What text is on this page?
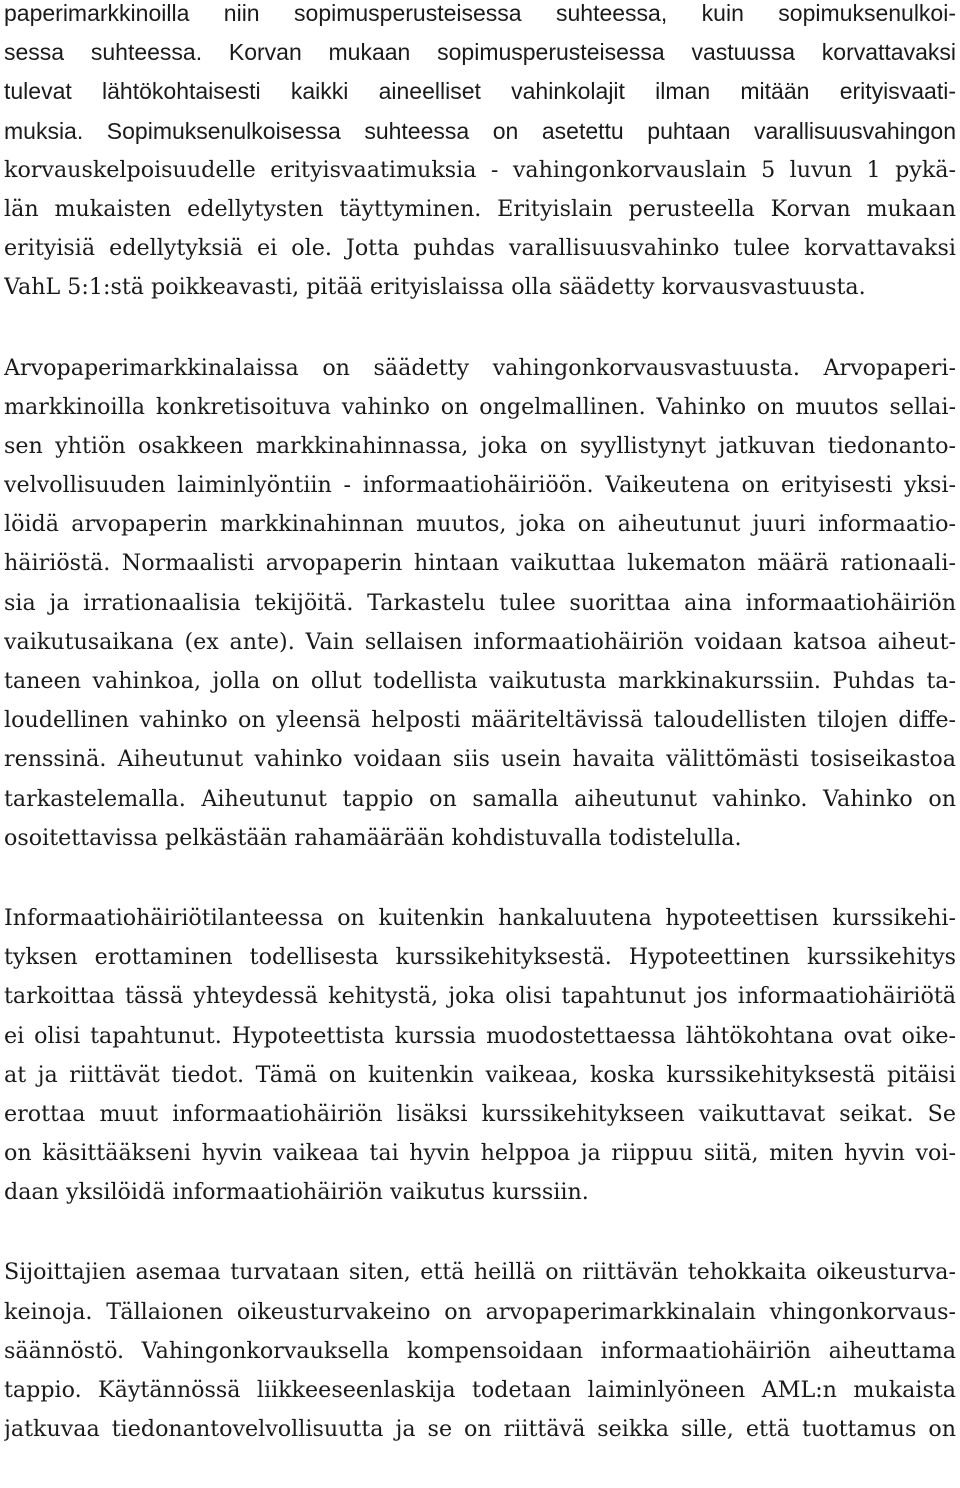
paperimarkkinoilla niin sopimusperusteisessa suhteessa, kuin sopimuksenulkoi-
sessa suhteessa. Korvan mukaan sopimusperusteisessa vastuussa korvattavaksi
tulevat lähtökohtaisesti kaikki aineelliset vahinkolajit ilman mitään erityisvaati-
muksia. Sopimuksenulkoisessa suhteessa on asetettu puhtaan varallisuusvahingon
korvauskelpoisuudelle erityisvaatimuksia - vahingonkorvauslain 5 luvun 1 pykä-
län mukaisten edellytysten täyttyminen. Erityislain perusteella Korvan mukaan
erityisiä edellytyksiä ei ole. Jotta puhdas varallisuusvahinko tulee korvattavaksi
VahL 5:1:stä poikkeavasti, pitää erityislaissa olla säädetty korvausvastuusta.
Arvopaperimarkkinalaissa on säädetty vahingonkorvausvastuusta. Arvopaperi-
markkinoilla konkretisoituva vahinko on ongelmallinen. Vahinko on muutos sellai-
sen yhtiön osakkeen markkinahinnassa, joka on syyllistynyt jatkuvan tiedonanto-
velvollisuuden laiminlyöntiin - informaatiohäiriöön. Vaikeutena on erityisesti yksi-
löidä arvopaperin markkinahinnan muutos, joka on aiheutunut juuri informaatio-
häiriöstä. Normaalisti arvopaperin hintaan vaikuttaa lukematon määrä rationaali-
sia ja irrationaalisia tekijöitä. Tarkastelu tulee suorittaa aina informaatiohäiriön
vaikutusaikana (ex ante). Vain sellaisen informaatiohäiriön voidaan katsoa aiheut-
taneen vahinkoa, jolla on ollut todellista vaikutusta markkinakurssiin. Puhdas ta-
loudellinen vahinko on yleensä helposti määriteltävissä taloudellisten tilojen diffe-
renssinä. Aiheutunut vahinko voidaan siis usein havaita välittömästi tosiseikastoa
tarkastelemalla. Aiheutunut tappio on samalla aiheutunut vahinko. Vahinko on
osoitettavissa pelkästään rahamäärään kohdistuvalla todistelulla.
Informaatiohäiriötilanteessa on kuitenkin hankaluutena hypoteettisen kurssikehi-
tyksen erottaminen todellisesta kurssikehityksestä. Hypoteettinen kurssikehitys
tarkoittaa tässä yhteydessä kehitystä, joka olisi tapahtunut jos informaatiohäiriötä
ei olisi tapahtunut. Hypoteettista kurssia muodostettaessa lähtökohtana ovat oike-
at ja riittävät tiedot. Tämä on kuitenkin vaikeaa, koska kurssikehityksestä pitäisi
erottaa muut informaatiohäiriön lisäksi kurssikehitykseen vaikuttavat seikat. Se
on käsittääkseni hyvin vaikeaa tai hyvin helppoa ja riippuu siitä, miten hyvin voi-
daan yksilöidä informaatiohäiriön vaikutus kurssiin.
Sijoittajien asemaa turvataan siten, että heillä on riittävän tehokkaita oikeusturva-
keinoja. Tällaionen oikeusturvakeino on arvopaperimarkkinalain vhingonkorvaus-
säännöstö. Vahingonkorvauksella kompensoidaan informaatiohäiriön aiheuttama
tappio. Käytännössä liikkeeseenlaskija todetaan laiminlyöneen AML:n mukaista
jatkuvaa tiedonantovelvollisuutta ja se on riittävä seikka sille, että tuottamus on
